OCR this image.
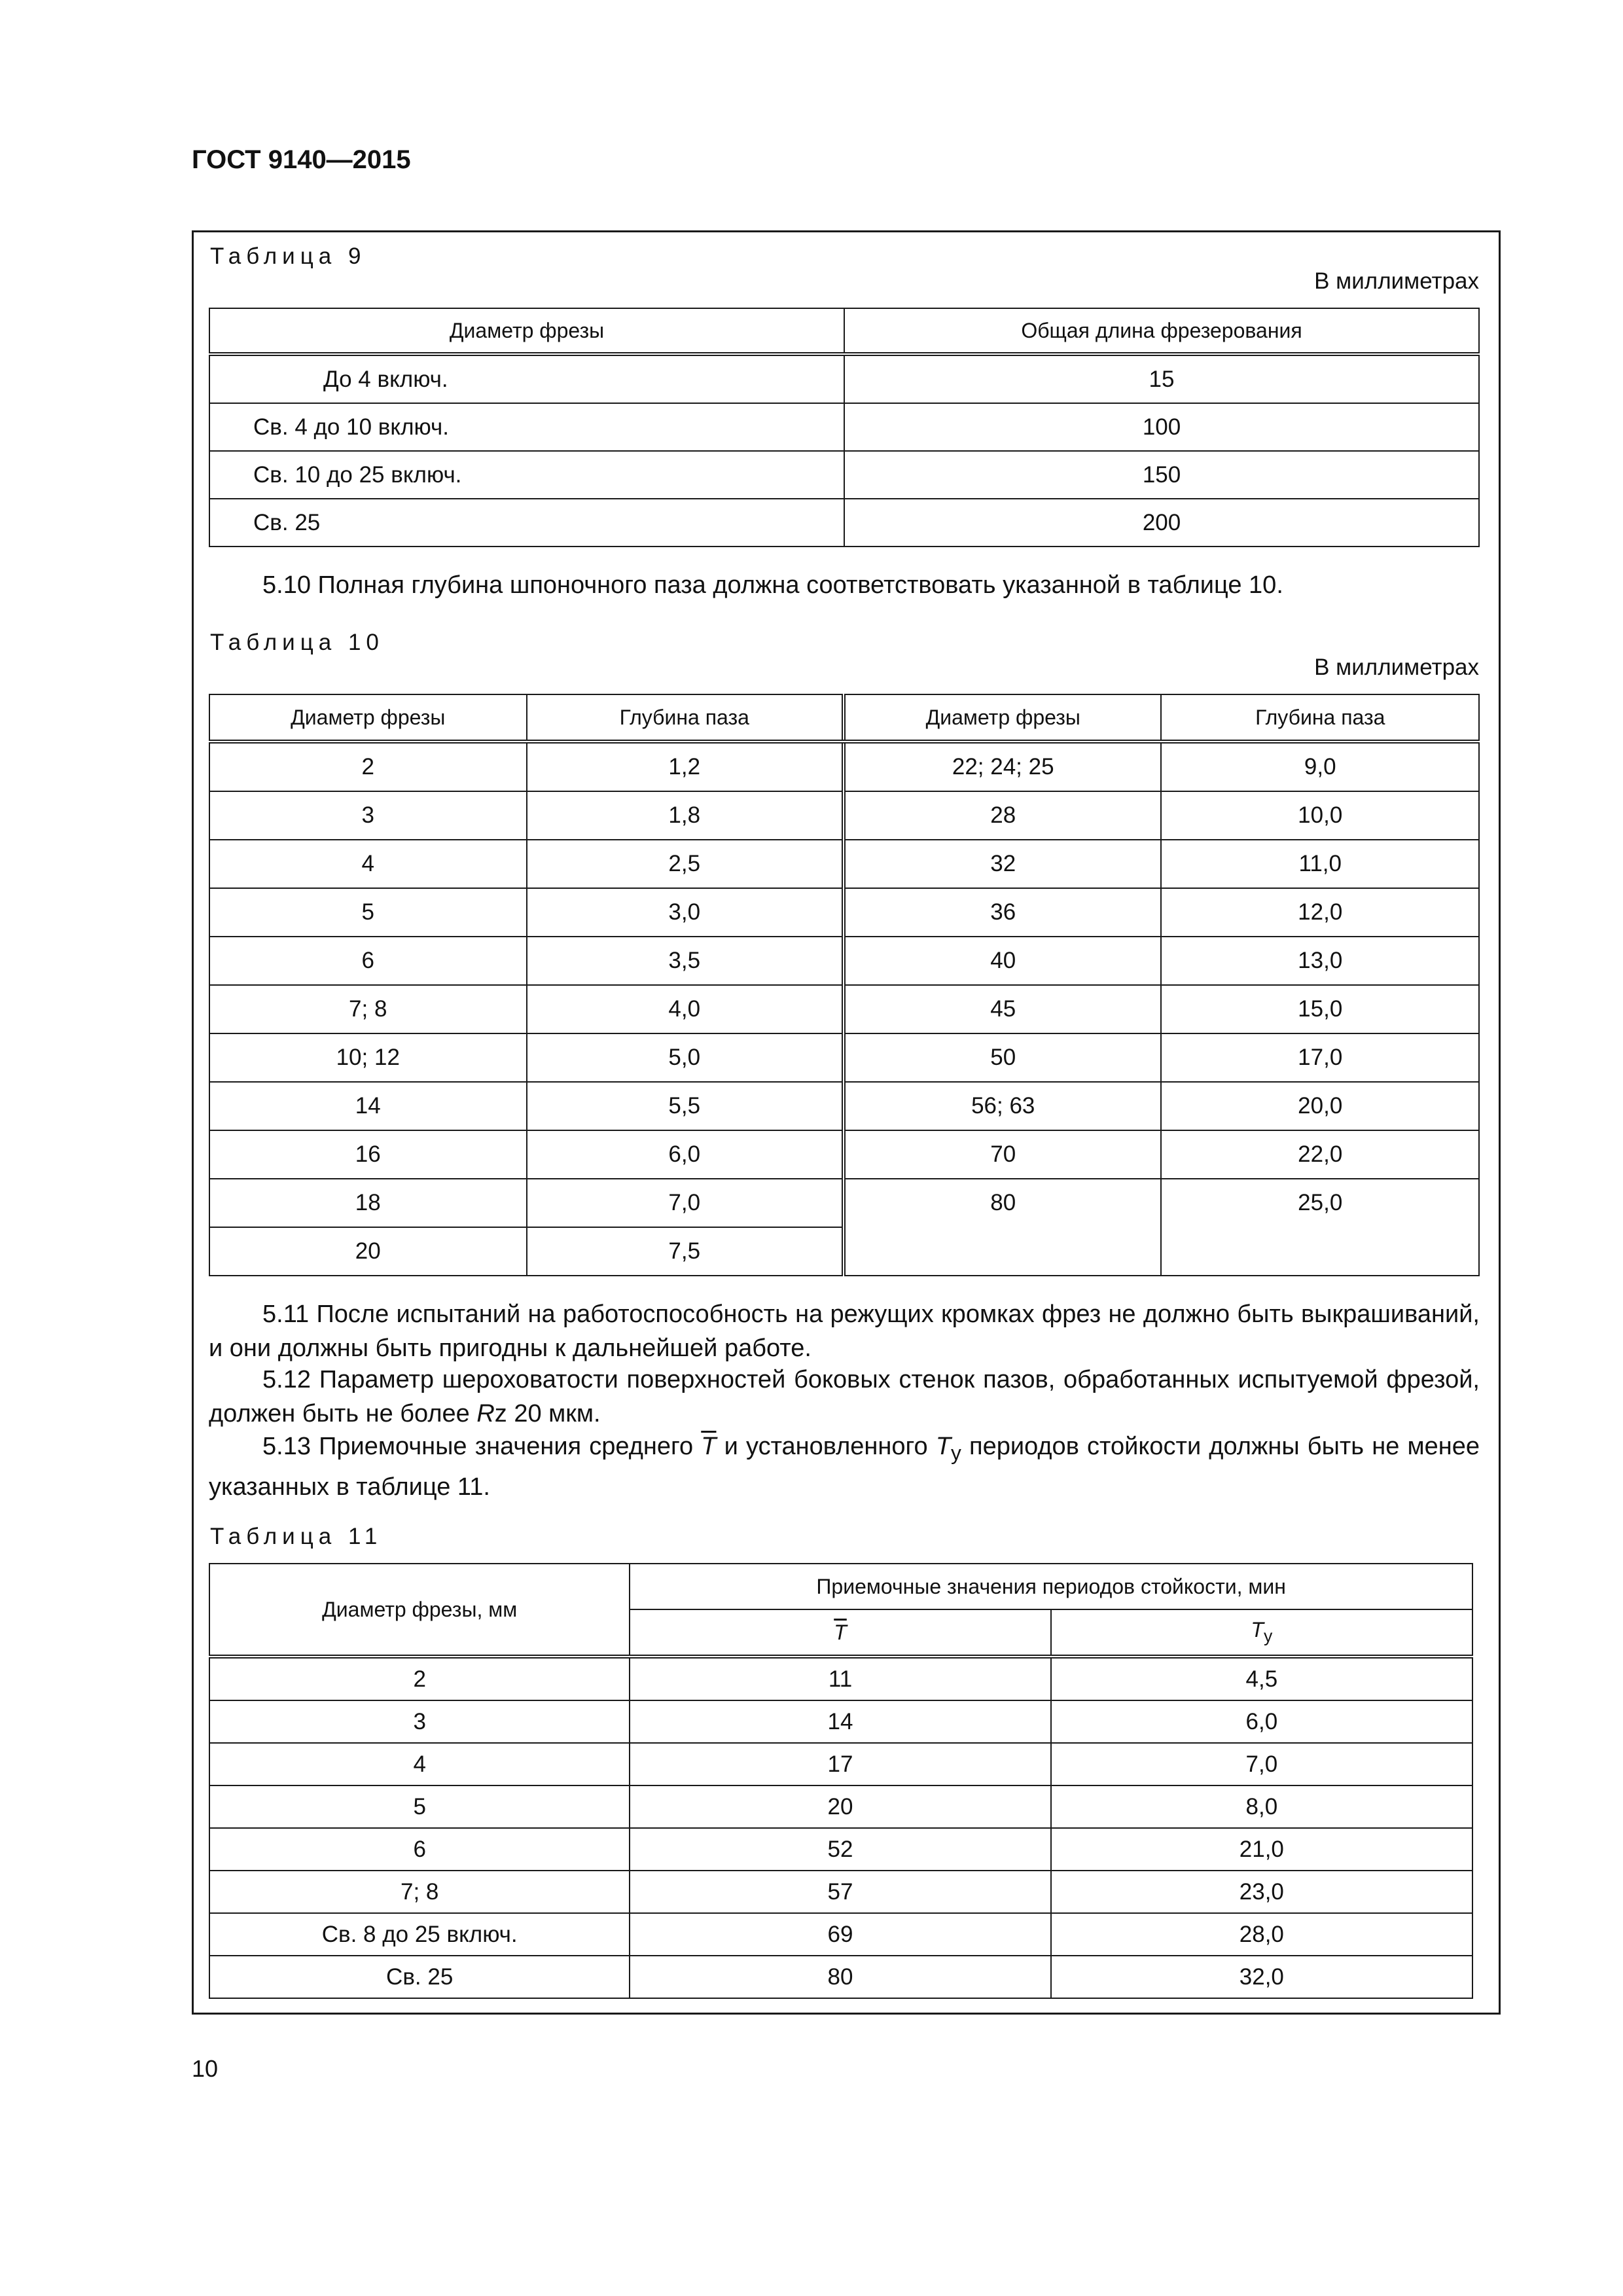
ГОСТ 9140—2015
Таблица 9
В миллиметрах
Диаметр фрезы	Общая длина фрезерования
До 4 включ.	15
Св. 4 до 10 включ.	100
Св. 10 до 25 включ.	150
Св. 25	200
5.10 Полная глубина шпоночного паза должна соответствовать указанной в таблице 10.
Таблица 10
В миллиметрах
Диаметр фрезы	Глубина паза	Диаметр фрезы	Глубина паза
2	1,2	22; 24; 25	9,0
3	1,8	28	10,0
4	2,5	32	11,0
5	3,0	36	12,0
6	3,5	40	13,0
7; 8	4,0	45	15,0
10; 12	5,0	50	17,0
14	5,5	56; 63	20,0
16	6,0	70	22,0
18	7,0	80	25,0
20	7,5		
5.11 После испытаний на работоспособность на режущих кромках фрез не должно быть выкрашиваний, и они должны быть пригодны к дальнейшей работе.
5.12 Параметр шероховатости поверхностей боковых стенок пазов, обработанных испытуемой фрезой, должен быть не более Rz 20 мкм.
5.13 Приемочные значения среднего $\overline{T}$ и установленного $T_у$ периодов стойкости должны быть не менее указанных в таблице 11.
Таблица 11
Диаметр фрезы, мм	Приемочные значения периодов стойкости, мин	
	$\overline{T}$	$T_у$
2	11	4,5
3	14	6,0
4	17	7,0
5	20	8,0
6	52	21,0
7; 8	57	23,0
Св. 8 до 25 включ.	69	28,0
Св. 25	80	32,0
10
